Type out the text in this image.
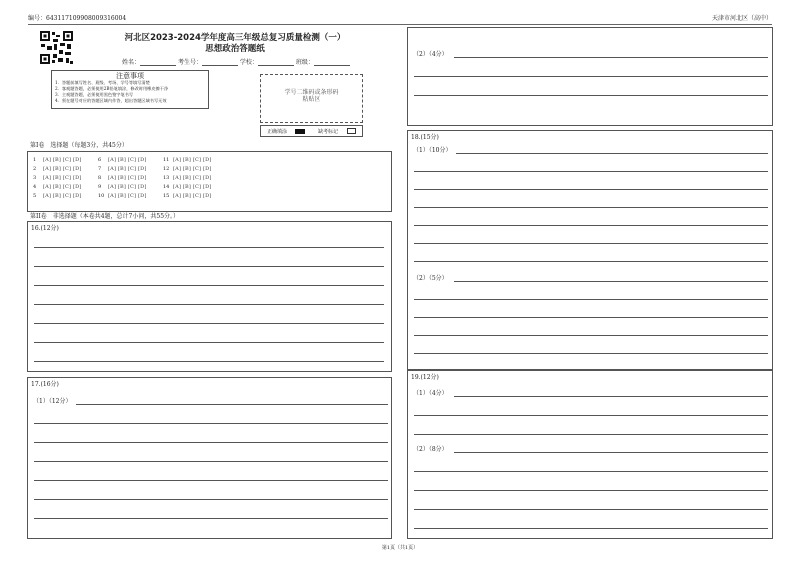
编号：64311710990800931600​4	天津市河北区（高中）
河北区2023-2024学年度高三年级总复习质量检测（一）
思想政治答题纸
姓名：	考生号：	学校：	班级：
注意事项
1．答题前填写姓名、班级、考场、学号等填写清楚
2．客观题答题，必须使用2B铅笔填涂，修改时用橡皮擦干净
3．主观题答题，必须使用黑色签字笔书写
4．须在题号对应的答题区域内作答，超出答题区域书写无效
学号二维码或条形码
粘贴区
正确填涂	缺考标记
第I卷　选择题（每题3分，共45分）
1 [A] [B] [C] [D]
2 [A] [B] [C] [D]
3 [A] [B] [C] [D]
4 [A] [B] [C] [D]
5 [A] [B] [C] [D]
6 [A] [B] [C] [D]
7 [A] [B] [C] [D]
8 [A] [B] [C] [D]
9 [A] [B] [C] [D]
10 [A] [B] [C] [D]
11 [A] [B] [C] [D]
12 [A] [B] [C] [D]
13 [A] [B] [C] [D]
14 [A] [B] [C] [D]
15 [A] [B] [C] [D]
第II卷　非选择题（本卷共4题，总计7小问，共55分。）
16.(12分)
17.(16分)
（1）（12分）
（2）（4分）
18.(15分)
（1）（10分）
（2）（5分）
19.(12分)
（1）（4分）
（2）（8分）
第1页（共1页）
